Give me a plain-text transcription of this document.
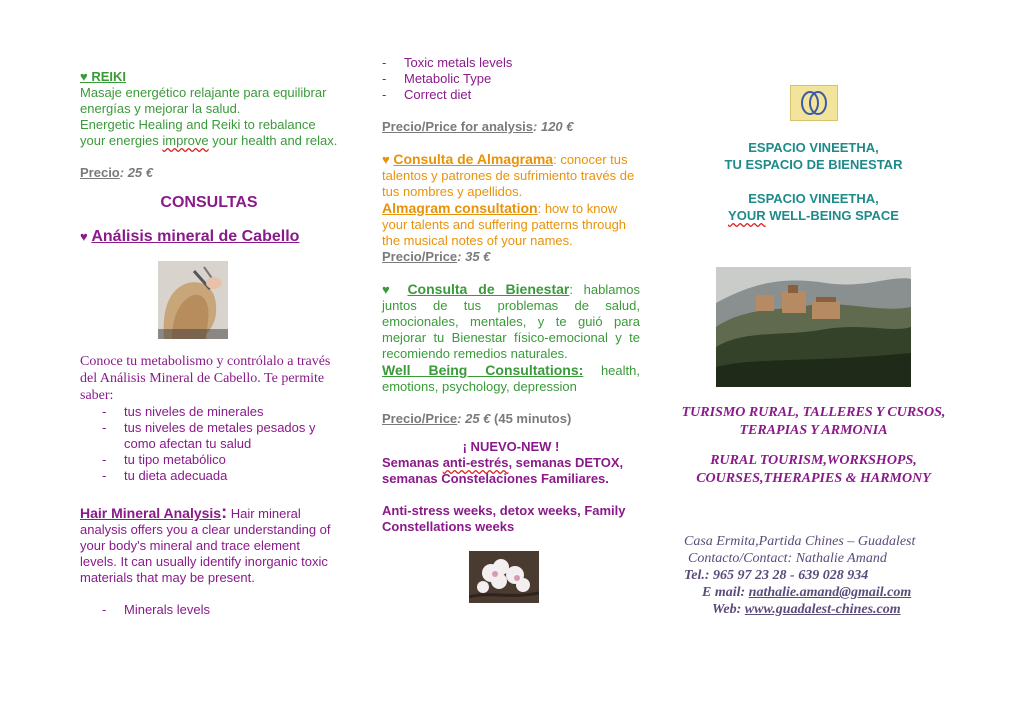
♥ REIKI
Masaje energético relajante para equilibrar energías y mejorar la salud.
Energetic Healing and Reiki to rebalance your energies improve your health and relax.
Precio: 25 €
CONSULTAS
♥ Análisis mineral de Cabello
Conoce tu metabolismo y contrólalo a través del Análisis Mineral de Cabello. Te permite saber:
- tus niveles de minerales
- tus niveles de metales pesados y como afectan tu salud
- tu tipo metabólico
- tu dieta adecuada
Hair Mineral Analysis: Hair mineral analysis offers you a clear understanding of your body's mineral and trace element levels. It can usually identify inorganic toxic materials that may be present.
- Minerals levels
- Toxic metals levels
- Metabolic Type
- Correct diet
Precio/Price for analysis: 120 €
♥ Consulta de Almagrama: conocer tus talentos y patrones de sufrimiento través de tus nombres y apellidos.
Almagram consultation: how to know your talents and suffering patterns through the musical notes of your names.
Precio/Price: 35 €
♥ Consulta de Bienestar: hablamos juntos de tus problemas de salud, emocionales, mentales, y te guió para mejorar tu Bienestar físico-emocional y te recomiendo remedios naturales.
Well Being Consultations: health, emotions, psychology, depression
Precio/Price: 25 € (45 minutos)
¡ NUEVO-NEW !
Semanas anti-estrés, semanas DETOX, semanas Constelaciones Familiares.
Anti-stress weeks, detox weeks, Family Constellations weeks
ESPACIO VINEETHA,
TU ESPACIO DE BIENESTAR
ESPACIO VINEETHA,
YOUR WELL-BEING SPACE
TURISMO RURAL, TALLERES Y CURSOS, TERAPIAS Y ARMONIA
RURAL TOURISM,WORKSHOPS, COURSES,THERAPIES & HARMONY
Casa Ermita,Partida Chines – Guadalest
Contacto/Contact: Nathalie Amand
Tel.: 965 97 23 28 - 639 028 934
E mail: nathalie.amand@gmail.com
Web: www.guadalest-chines.com
